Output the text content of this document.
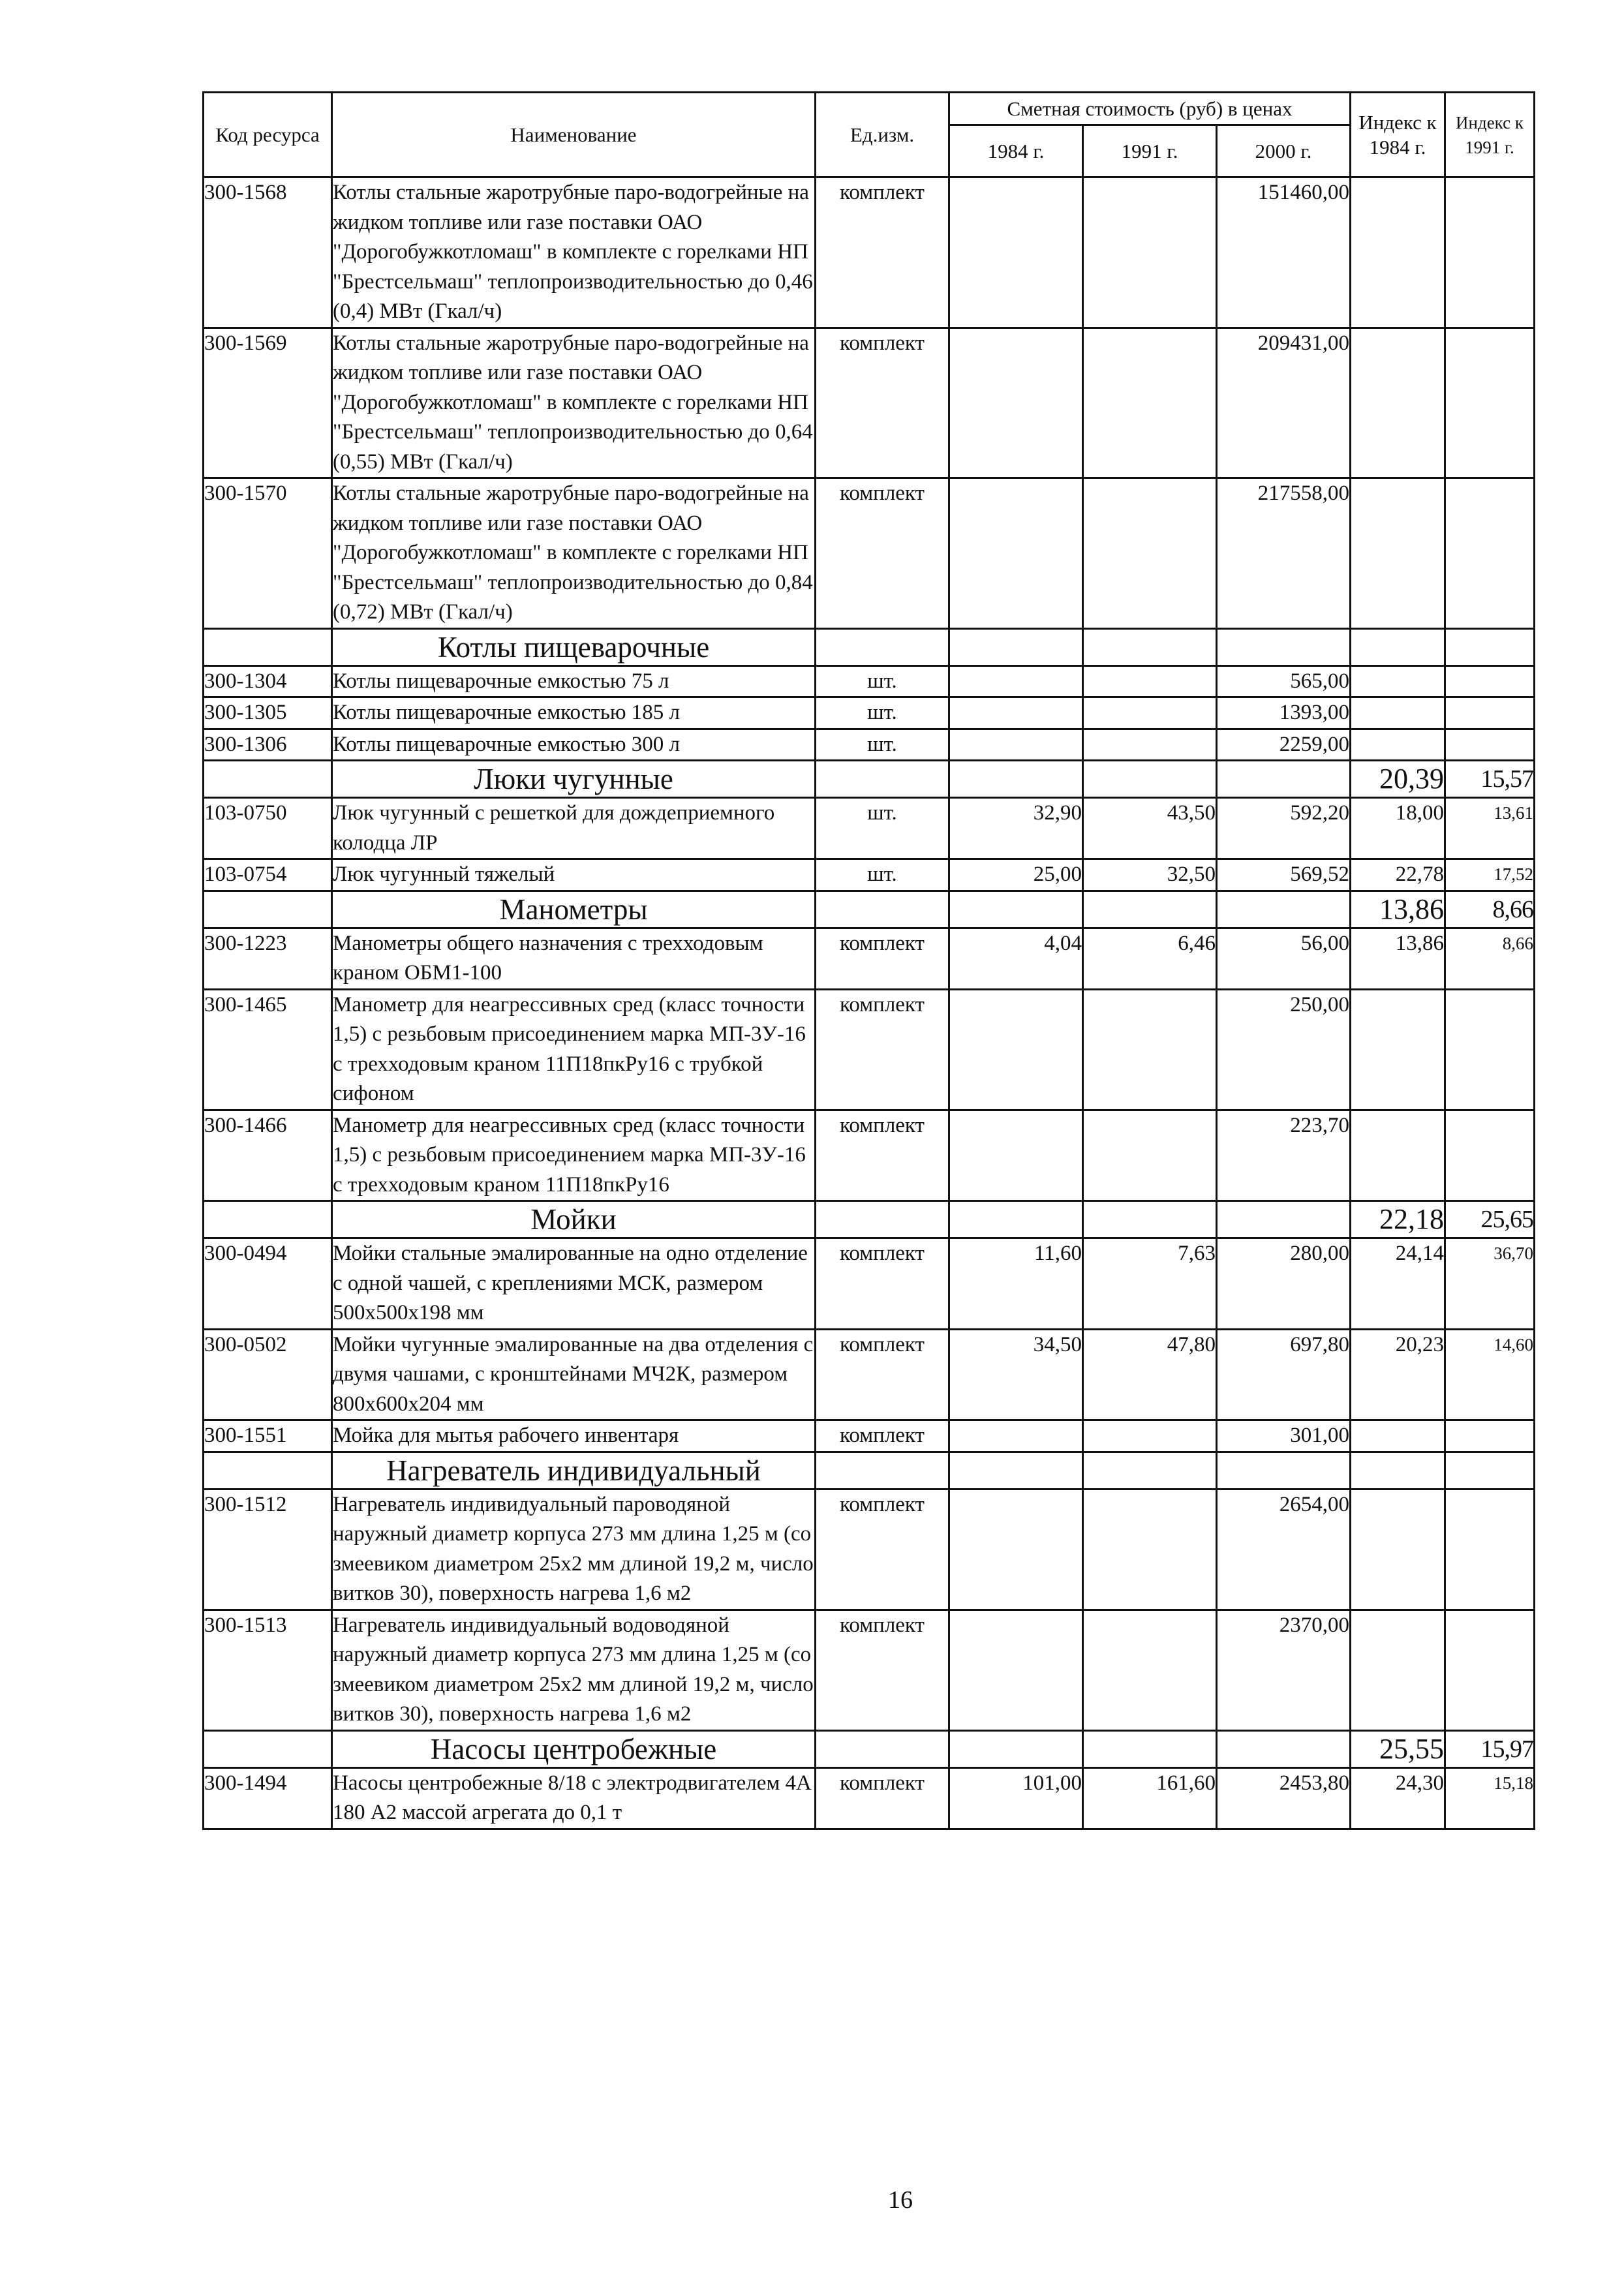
Код ресурса	Наименование	Ед.изм.	Сметная стоимость (руб) в ценах			Индекс к 1984 г.	Индекс к 1991 г.
			1984 г.	1991 г.	2000 г.		
300-1568	Котлы стальные жаротрубные паро-водогрейные на жидком топливе или газе поставки ОАО "Дорогобужкотломаш" в комплекте с горелками НП "Брестсельмаш" теплопроизводительностью до 0,46 (0,4) МВт (Гкал/ч)	комплект			151460,00		
300-1569	Котлы стальные жаротрубные паро-водогрейные на жидком топливе или газе поставки ОАО "Дорогобужкотломаш" в комплекте с горелками НП "Брестсельмаш" теплопроизводительностью до 0,64 (0,55) МВт (Гкал/ч)	комплект			209431,00		
300-1570	Котлы стальные жаротрубные паро-водогрейные на жидком топливе или газе поставки ОАО "Дорогобужкотломаш" в комплекте с горелками НП "Брестсельмаш" теплопроизводительностью до 0,84 (0,72) МВт (Гкал/ч)	комплект			217558,00		
	Котлы пищеварочные						
300-1304	Котлы пищеварочные емкостью 75 л	шт.			565,00		
300-1305	Котлы пищеварочные емкостью 185 л	шт.			1393,00		
300-1306	Котлы пищеварочные емкостью 300 л	шт.			2259,00		
	Люки чугунные					20,39	15,57
103-0750	Люк чугунный с решеткой для дождеприемного колодца ЛР	шт.	32,90	43,50	592,20	18,00	13,61
103-0754	Люк чугунный тяжелый	шт.	25,00	32,50	569,52	22,78	17,52
	Манометры					13,86	8,66
300-1223	Манометры общего назначения с трехходовым краном ОБМ1-100	комплект	4,04	6,46	56,00	13,86	8,66
300-1465	Манометр для неагрессивных сред (класс точности 1,5) с резьбовым присоединением марка МП-3У-16 с трехходовым краном 11П18пкРу16 с трубкой сифоном	комплект			250,00		
300-1466	Манометр для неагрессивных сред (класс точности 1,5) с резьбовым присоединением марка МП-3У-16 с трехходовым краном 11П18пкРу16	комплект			223,70		
	Мойки					22,18	25,65
300-0494	Мойки стальные эмалированные на одно отделение с одной чашей, с креплениями МСК, размером 500х500х198 мм	комплект	11,60	7,63	280,00	24,14	36,70
300-0502	Мойки чугунные эмалированные на два отделения с двумя чашами, с кронштейнами МЧ2К, размером 800х600х204 мм	комплект	34,50	47,80	697,80	20,23	14,60
300-1551	Мойка для мытья рабочего инвентаря	комплект			301,00		
	Нагреватель индивидуальный						
300-1512	Нагреватель индивидуальный пароводяной наружный диаметр корпуса 273 мм длина 1,25 м (со змеевиком диаметром 25х2 мм длиной 19,2 м, число витков 30), поверхность нагрева 1,6 м2	комплект			2654,00		
300-1513	Нагреватель индивидуальный водоводяной наружный диаметр корпуса 273 мм длина 1,25 м (со змеевиком диаметром 25х2 мм длиной 19,2 м, число витков 30), поверхность нагрева 1,6 м2	комплект			2370,00		
	Насосы центробежные					25,55	15,97
300-1494	Насосы центробежные 8/18 с электродвигателем 4А 180 А2 массой агрегата до 0,1 т	комплект	101,00	161,60	2453,80	24,30	15,18
16
